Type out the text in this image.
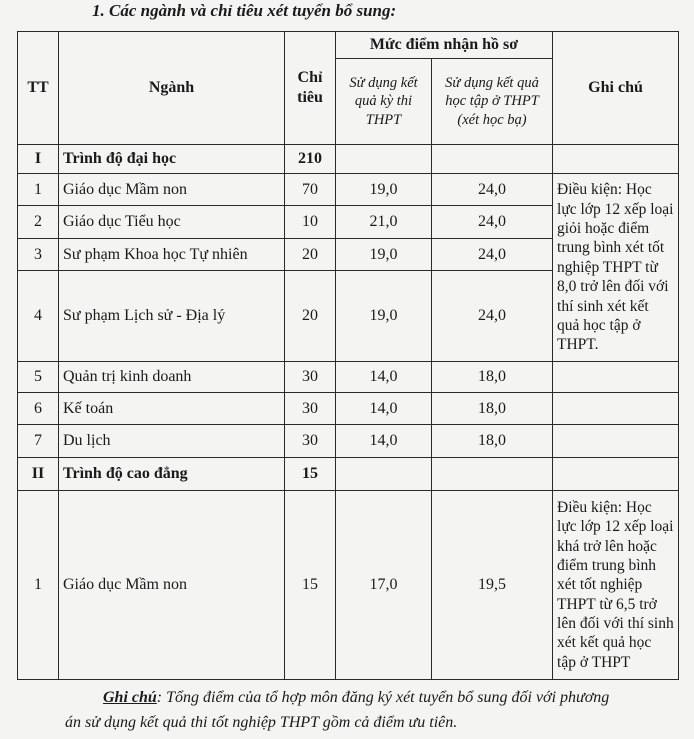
1. Các ngành và chỉ tiêu xét tuyển bổ sung:
TT	Ngành	Chỉ tiêu	Mức điểm nhận hồ sơ		Ghi chú
			Sử dụng kết quả kỳ thi THPT	Sử dụng kết quả học tập ở THPT (xét học bạ)	
I	Trình độ đại học	210			
1	Giáo dục Mầm non	70	19,0	24,0	Điều kiện: Học lực lớp 12 xếp loại giỏi hoặc điểm trung bình xét tốt nghiệp THPT từ 8,0 trở lên đối với thí sinh xét kết quả học tập ở THPT.
2	Giáo dục Tiểu học	10	21,0	24,0	
3	Sư phạm Khoa học Tự nhiên	20	19,0	24,0	
4	Sư phạm Lịch sử - Địa lý	20	19,0	24,0	
5	Quản trị kinh doanh	30	14,0	18,0	
6	Kế toán	30	14,0	18,0	
7	Du lịch	30	14,0	18,0	
II	Trình độ cao đẳng	15			
1	Giáo dục Mầm non	15	17,0	19,5	Điều kiện: Học lực lớp 12 xếp loại khá trở lên hoặc điểm trung bình xét tốt nghiệp THPT từ 6,5 trở lên đối với thí sinh xét kết quả học tập ở THPT
Ghi chú: Tổng điểm của tổ hợp môn đăng ký xét tuyển bổ sung đối với phương
án sử dụng kết quả thi tốt nghiệp THPT gồm cả điểm ưu tiên.
